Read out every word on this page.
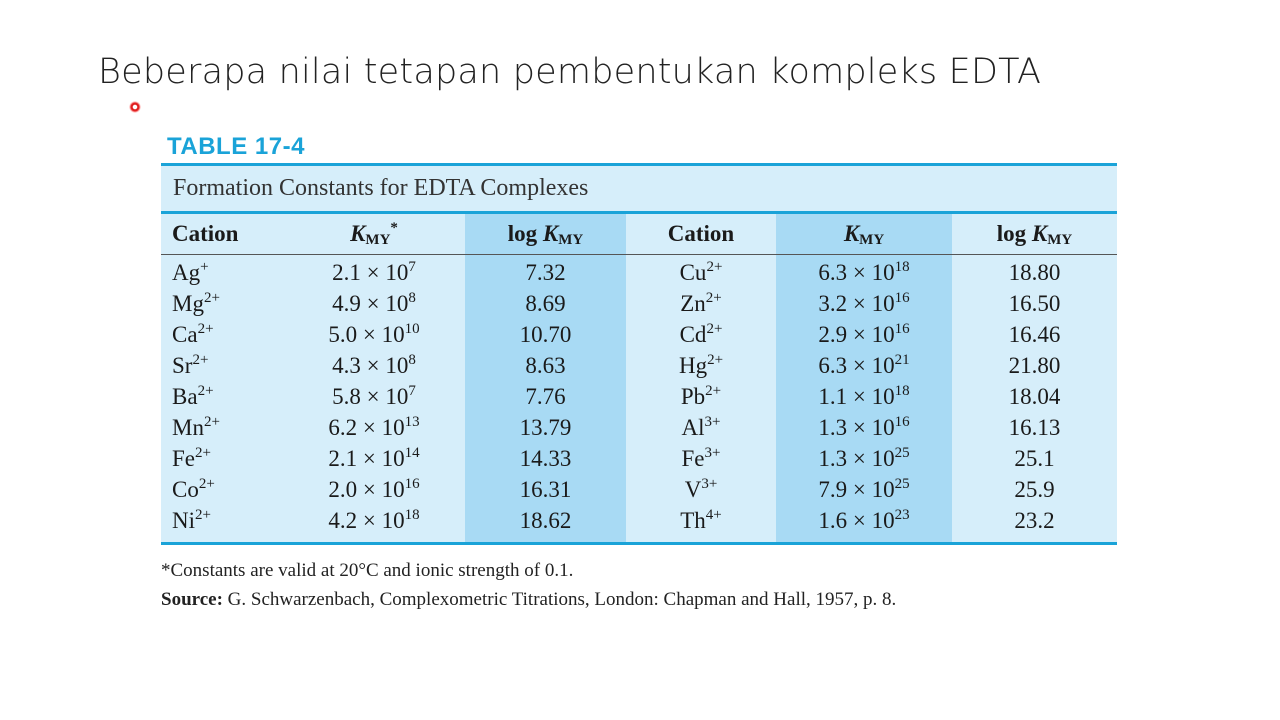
Beberapa nilai tetapan pembentukan kompleks EDTA
TABLE 17-4
Formation Constants for EDTA Complexes
Cation	$K_{MY}^*$	$\log K_{MY}$	Cation	$K_{MY}$	$\log K_{MY}$
Ag+	$2.1 \times 10^7$	7.32	$Cu^{2+}$	$6.3 \times 10^{18}$	18.80
$Mg^{2+}$	$4.9 \times 10^8$	8.69	$Zn^{2+}$	$3.2 \times 10^{16}$	16.50
$Ca^{2+}$	$5.0 \times 10^{10}$	10.70	$Cd^{2+}$	$2.9 \times 10^{16}$	16.46
$Sr^{2+}$	$4.3 \times 10^8$	8.63	$Hg^{2+}$	$6.3 \times 10^{21}$	21.80
$Ba^{2+}$	$5.8 \times 10^7$	7.76	$Pb^{2+}$	$1.1 \times 10^{18}$	18.04
$Mn^{2+}$	$6.2 \times 10^{13}$	13.79	$Al^{3+}$	$1.3 \times 10^{16}$	16.13
$Fe^{2+}$	$2.1 \times 10^{14}$	14.33	$Fe^{3+}$	$1.3 \times 10^{25}$	25.1
$Co^{2+}$	$2.0 \times 10^{16}$	16.31	$V^{3+}$	$7.9 \times 10^{25}$	25.9
$Ni^{2+}$	$4.2 \times 10^{18}$	18.62	$Th^{4+}$	$1.6 \times 10^{23}$	23.2
*Constants are valid at 20°C and ionic strength of 0.1.
Source: G. Schwarzenbach, Complexometric Titrations, London: Chapman and Hall, 1957, p. 8.
